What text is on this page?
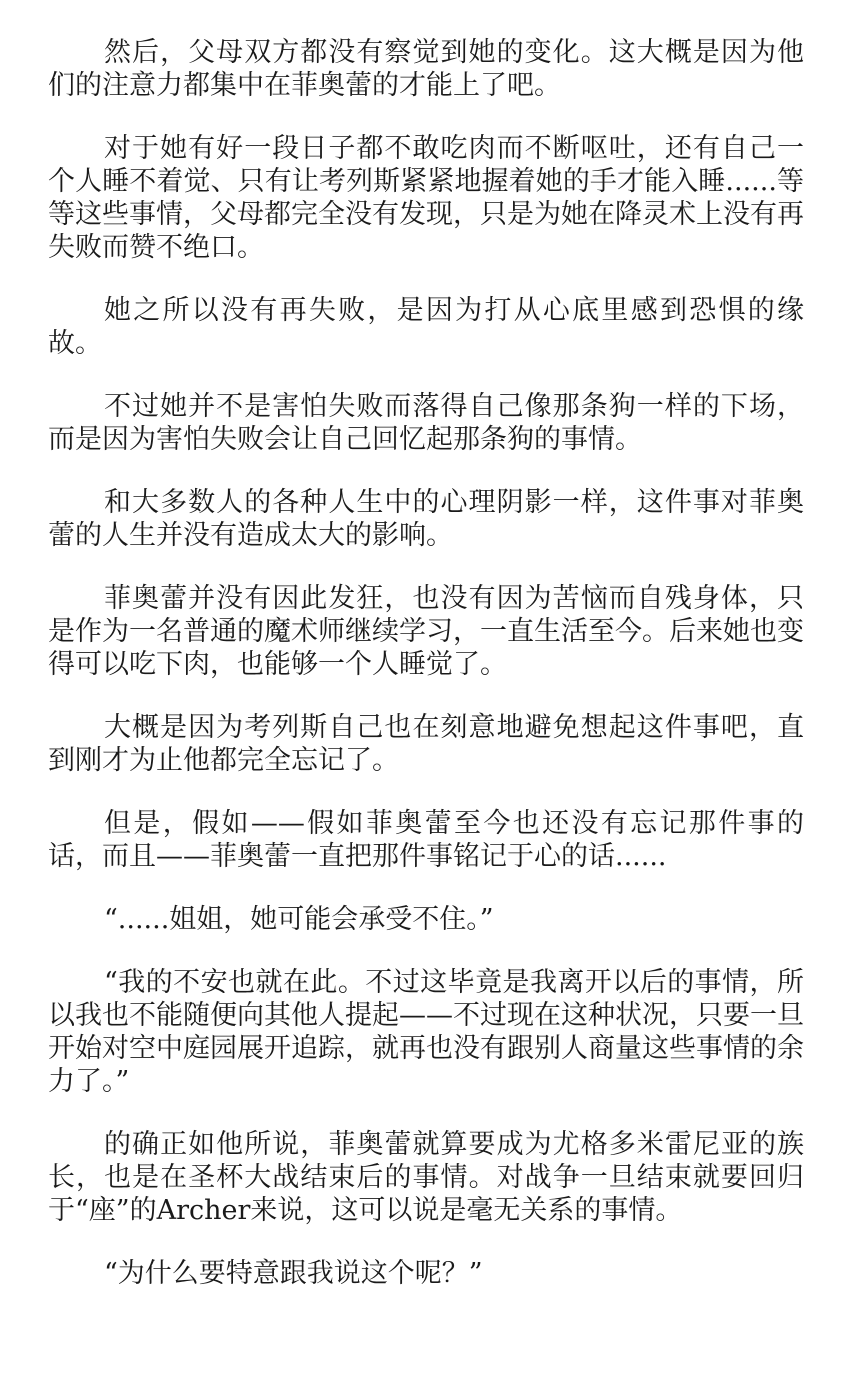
然后，父母双方都没有察觉到她的变化。这大概是因为他们的注意力都集中在菲奥蕾的才能上了吧。

对于她有好一段日子都不敢吃肉而不断呕吐，还有自己一个人睡不着觉、只有让考列斯紧紧地握着她的手才能入睡......等等这些事情，父母都完全没有发现，只是为她在降灵术上没有再失败而赞不绝口。

她之所以没有再失败，是因为打从心底里感到恐惧的缘故。

不过她并不是害怕失败而落得自己像那条狗一样的下场，而是因为害怕失败会让自己回忆起那条狗的事情。

和大多数人的各种人生中的心理阴影一样，这件事对菲奥蕾的人生并没有造成太大的影响。

菲奥蕾并没有因此发狂，也没有因为苦恼而自残身体，只是作为一名普通的魔术师继续学习，一直生活至今。后来她也变得可以吃下肉，也能够一个人睡觉了。

大概是因为考列斯自己也在刻意地避免想起这件事吧，直到刚才为止他都完全忘记了。

但是，假如——假如菲奥蕾至今也还没有忘记那件事的话，而且——菲奥蕾一直把那件事铭记于心的话......

“......姐姐，她可能会承受不住。”

“我的不安也就在此。不过这毕竟是我离开以后的事情，所以我也不能随便向其他人提起——不过现在这种状况，只要一旦开始对空中庭园展开追踪，就再也没有跟别人商量这些事情的余力了。”

的确正如他所说，菲奥蕾就算要成为尤格多米雷尼亚的族长，也是在圣杯大战结束后的事情。对战争一旦结束就要回归于“座”的Archer来说，这可以说是毫无关系的事情。

“为什么要特意跟我说这个呢？”
